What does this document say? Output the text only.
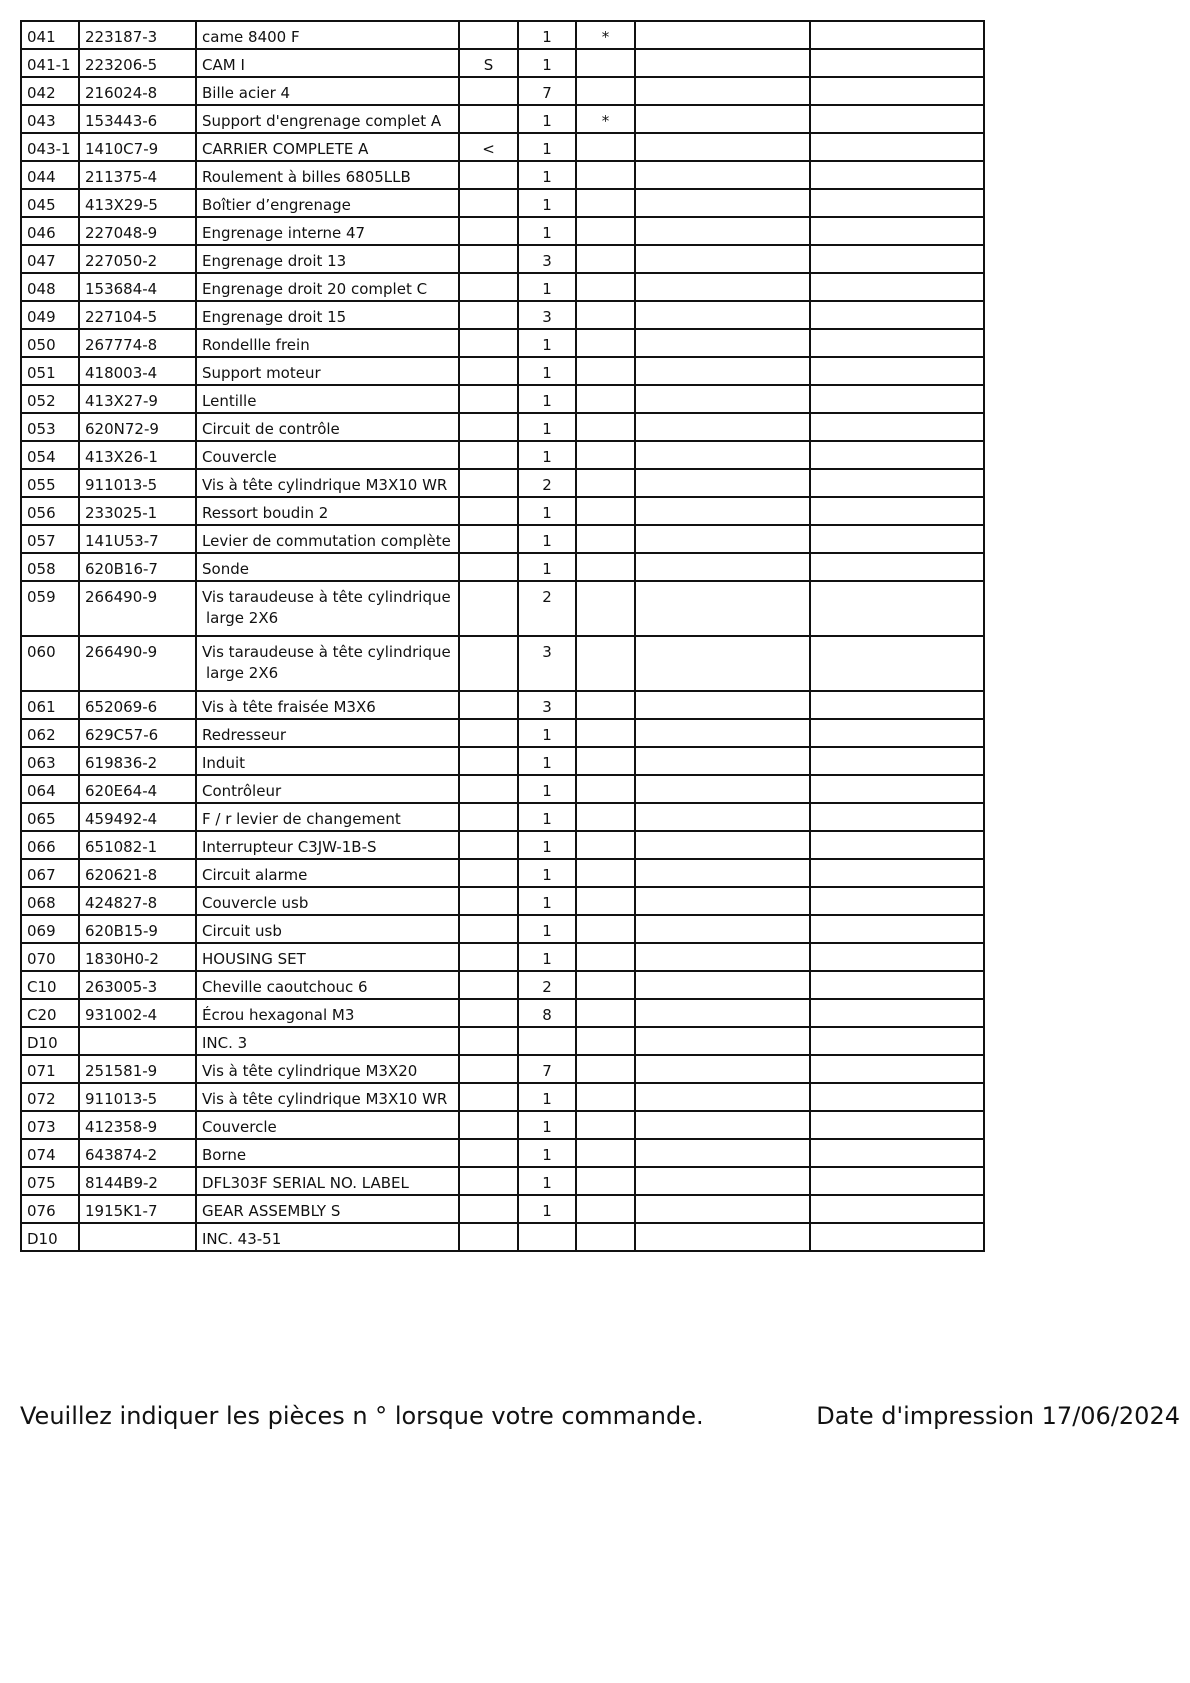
041	223187-3	came 8400 F		1	*		
041-1	223206-5	CAM I	S	1			
042	216024-8	Bille acier 4		7			
043	153443-6	Support d'engrenage complet A		1	*		
043-1	1410C7-9	CARRIER COMPLETE A	<	1			
044	211375-4	Roulement à billes 6805LLB		1			
045	413X29-5	Boîtier d’engrenage		1			
046	227048-9	Engrenage interne 47		1			
047	227050-2	Engrenage droit 13		3			
048	153684-4	Engrenage droit 20 complet C		1			
049	227104-5	Engrenage droit 15		3			
050	267774-8	Rondellle frein		1			
051	418003-4	Support moteur		1			
052	413X27-9	Lentille		1			
053	620N72-9	Circuit de contrôle		1			
054	413X26-1	Couvercle		1			
055	911013-5	Vis à tête cylindrique M3X10 WR		2			
056	233025-1	Ressort boudin 2		1			
057	141U53-7	Levier de commutation complète		1			
058	620B16-7	Sonde		1			
059	266490-9	Vis taraudeuse à tête cylindrique
large 2X6		2			
060	266490-9	Vis taraudeuse à tête cylindrique
large 2X6		3			
061	652069-6	Vis à tête fraisée M3X6		3			
062	629C57-6	Redresseur		1			
063	619836-2	Induit		1			
064	620E64-4	Contrôleur		1			
065	459492-4	F / r levier de changement		1			
066	651082-1	Interrupteur C3JW-1B-S		1			
067	620621-8	Circuit alarme		1			
068	424827-8	Couvercle usb		1			
069	620B15-9	Circuit usb		1			
070	1830H0-2	HOUSING SET		1			
C10	263005-3	Cheville caoutchouc 6		2			
C20	931002-4	Écrou hexagonal M3		8			
D10		INC. 3					
071	251581-9	Vis à tête cylindrique M3X20		7			
072	911013-5	Vis à tête cylindrique M3X10 WR		1			
073	412358-9	Couvercle		1			
074	643874-2	Borne		1			
075	8144B9-2	DFL303F SERIAL NO. LABEL		1			
076	1915K1-7	GEAR ASSEMBLY S		1			
D10		INC. 43-51					
Veuillez indiquer les pièces n ° lorsque votre commande.	Date d'impression 17/06/2024
